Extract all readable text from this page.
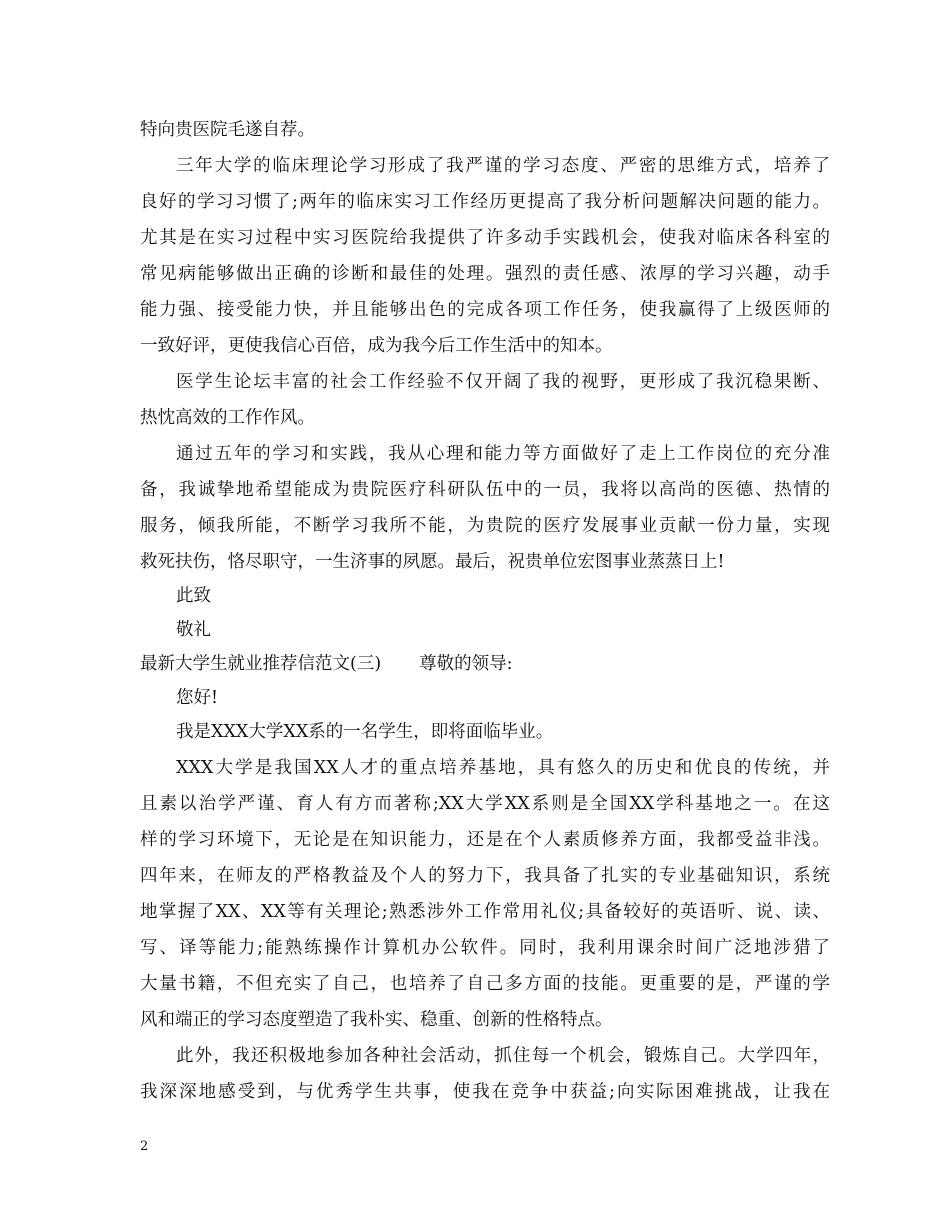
特向贵医院毛遂自荐。
三年大学的临床理论学习形成了我严谨的学习态度、严密的思维方式，培养了
良好的学习习惯了;两年的临床实习工作经历更提高了我分析问题解决问题的能力。
尤其是在实习过程中实习医院给我提供了许多动手实践机会，使我对临床各科室的
常见病能够做出正确的诊断和最佳的处理。强烈的责任感、浓厚的学习兴趣，动手
能力强、接受能力快，并且能够出色的完成各项工作任务，使我赢得了上级医师的
一致好评，更使我信心百倍，成为我今后工作生活中的知本。
医学生论坛丰富的社会工作经验不仅开阔了我的视野，更形成了我沉稳果断、
热忱高效的工作作风。
通过五年的学习和实践，我从心理和能力等方面做好了走上工作岗位的充分准
备，我诚挚地希望能成为贵院医疗科研队伍中的一员，我将以高尚的医德、热情的
服务，倾我所能，不断学习我所不能，为贵院的医疗发展事业贡献一份力量，实现
救死扶伤，恪尽职守，一生济事的夙愿。最后，祝贵单位宏图事业蒸蒸日上!
此致
敬礼
最新大学生就业推荐信范文(三) 尊敬的领导:
您好!
我是XXX大学XX系的一名学生，即将面临毕业。
XXX大学是我国XX人才的重点培养基地，具有悠久的历史和优良的传统，并
且素以治学严谨、育人有方而著称;XX大学XX系则是全国XX学科基地之一。在这
样的学习环境下，无论是在知识能力，还是在个人素质修养方面，我都受益非浅。
四年来，在师友的严格教益及个人的努力下，我具备了扎实的专业基础知识，系统
地掌握了XX、XX等有关理论;熟悉涉外工作常用礼仪;具备较好的英语听、说、读、
写、译等能力;能熟练操作计算机办公软件。同时，我利用课余时间广泛地涉猎了
大量书籍，不但充实了自己，也培养了自己多方面的技能。更重要的是，严谨的学
风和端正的学习态度塑造了我朴实、稳重、创新的性格特点。
此外，我还积极地参加各种社会活动，抓住每一个机会，锻炼自己。大学四年，
我深深地感受到，与优秀学生共事，使我在竞争中获益;向实际困难挑战，让我在
2
